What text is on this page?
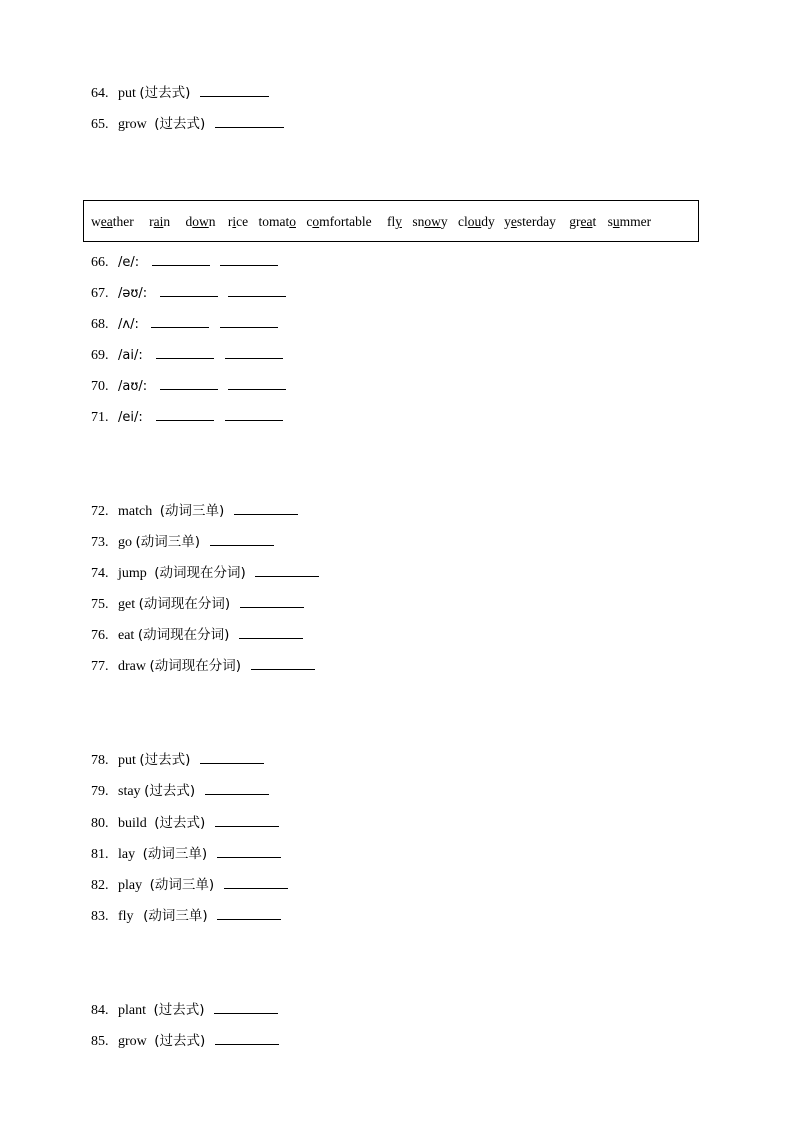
64. put (过去式)
65. grow (过去式)
weather rain down rice tomato comfortable fly snowy cloudy yesterday great summer
66. /e/:
67. /əʊ/:
68. /ʌ/:
69. /ai/:
70. /aʊ/:
71. /ei/:
72. match (动词三单)
73. go (动词三单)
74. jump (动词现在分词)
75. get (动词现在分词)
76. eat (动词现在分词)
77. draw (动词现在分词)
78. put (过去式)
79. stay (过去式)
80. build (过去式)
81. lay (动词三单)
82. play (动词三单)
83. fly (动词三单)
84. plant (过去式)
85. grow (过去式)
